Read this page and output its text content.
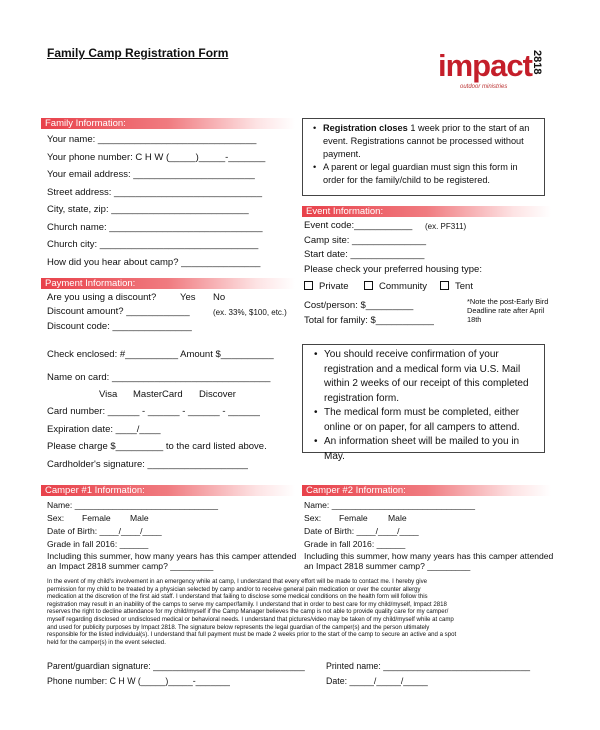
Family Camp Registration Form	impact
outdoor ministries
2818
Family Information:
Your name: ______________________________
Your phone number: C H W (_____)_____-_______
Your email address: _______________________
Street address: ____________________________
City, state, zip: __________________________
Church name: _____________________________
Church city: ______________________________
How did you hear about camp? _______________
• Registration closes 1 week prior to the start of an event. Registrations cannot be processed without payment.
• A parent or legal guardian must sign this form in order for the family/child to be registered.
Payment Information:
Are you using a discount? Yes No
Discount amount? ____________	(ex. 33%, $100, etc.)
Discount code: _______________
Check enclosed: #__________ Amount $__________
Name on card: ______________________________
Visa MasterCard Discover
Card number: ______ - ______ - ______ - ______
Expiration date: ____/____
Please charge $_________ to the card listed above.
Cardholder's signature: ___________________
Event Information:
Event code:___________ (ex. PF311)
Camp site: ______________
Start date: ______________
Please check your preferred housing type:
Private	Community	Tent
Cost/person: $_________
Total for family: $___________
*Note the post-Early Bird Deadline rate after April 18th
• You should receive confirmation of your registration and a medical form via U.S. Mail within 2 weeks of our receipt of this completed registration form.
• The medical form must be completed, either online or on paper, for all campers to attend.
• An information sheet will be mailed to you in May.
Camper #1 Information:
Name: ______________________________
Sex: Female Male
Date of Birth: ____/____/____
Grade in fall 2016: ______
Including this summer, how many years has this camper attended an Impact 2818 summer camp? _________
Camper #2 Information:
Name: ______________________________
Sex: Female Male
Date of Birth: ____/____/____
Grade in fall 2016: ______
Including this summer, how many years has this camper attended an Impact 2818 summer camp? _________
In the event of my child's involvement in an emergency while at camp, I understand that every effort will be made to contact me. I hereby give
permission for my child to be treated by a physician selected by camp and/or to receive general pain medication or over the counter allergy
medication at the discretion of the first aid staff. I understand that failing to disclose some medical conditions on the health form will follow this
registration may result in an inability of the camps to serve my camper/family. I understand that in order to best care for my child/myself, Impact 2818
reserves the right to decline attendance for my child/myself if the Camp Manager believes the camp is not able to provide quality care for my camper/
myself regarding disclosed or undisclosed medical or behavioral needs. I understand that pictures/video may be taken of my child/myself while at camp
and used for publicity purposes by Impact 2818. The signature below represents the legal guardian of the camper(s) and the person ultimately
responsible for the listed individual(s). I understand that full payment must be made 2 weeks prior to the start of the camp to secure an active and a spot
held for the camper(s) in the event selected.
Parent/guardian signature: _______________________________ Printed name: ______________________________
Phone number: C H W (_____)_____-_______	Date: _____/_____/_____
